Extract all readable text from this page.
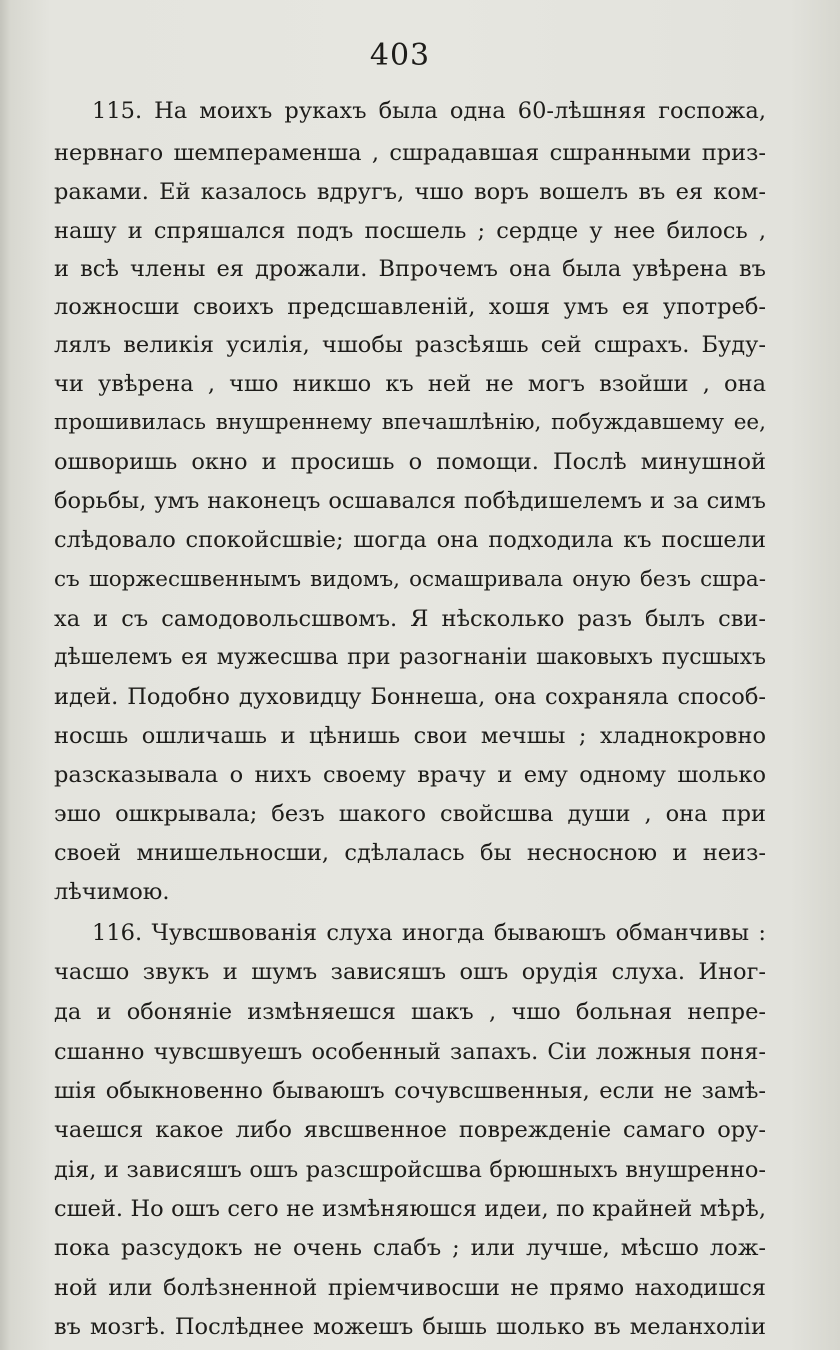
403

115. На моихъ рукахъ была одна 60-лѣшняя госпожа,

нервнаго шемпераменша , сшрадавшая сшранными приз-

раками. Ей казалось вдругъ, чшо воръ вошелъ въ ея ком-

нашу и спряшался подъ посшель ; сердце у нее билось ,

и всѣ члены ея дрожали. Впрочемъ она была увѣрена въ

ложносши своихъ предсшавленій, хошя умъ ея употреб-

лялъ великія усилія, чшобы разсѣяшь сей сшрахъ. Буду-

чи увѣрена , чшо никшо къ ней не могъ взойши , она

прошивилась внушреннему впечашлѣнію, побуждавшему ее,

ошворишь окно и просишь о помощи. Послѣ минушной

борьбы, умъ наконецъ осшавался побѣдишелемъ и за симъ

слѣдовало спокойсшвіе; шогда она подходила къ посшели

съ шоржесшвеннымъ видомъ, осмашривала оную безъ сшра-

ха и съ самодовольсшвомъ. Я нѣсколько разъ былъ сви-

дѣшелемъ ея мужесшва при разогнаніи шаковыхъ пусшыхъ

идей. Подобно духовидцу Боннеша, она сохраняла способ-

носшь ошличашь и цѣнишь свои мечшы ; хладнокровно

разсказывала о нихъ своему врачу и ему одному шолько

эшо ошкрывала; безъ шакого свойсшва души , она при

своей мнишельносши, сдѣлалась бы несносною и неиз-

лѣчимою.

116. Чувсшвованія слуха иногда бываюшъ обманчивы :

часшо звукъ и шумъ зависяшъ ошъ орудія слуха. Иног-

да и обоняніе измѣняешся шакъ , чшо больная непре-

сшанно чувсшвуешъ особенный запахъ. Сіи ложныя поня-

шія обыкновенно бываюшъ сочувсшвенныя, если не замѣ-

чаешся какое либо явсшвенное поврежденіе самаго ору-

дія, и зависяшъ ошъ разсшройсшва брюшныхъ внушренно-

сшей. Но ошъ сего не измѣняюшся идеи, по крайней мѣрѣ,

пока разсудокъ не очень слабъ ; или лучше, мѣсшо лож-

ной или болѣзненной пріемчивосши не прямо находишся

въ мозгѣ. Послѣднее можешъ бышь шолько въ меланхоліи
